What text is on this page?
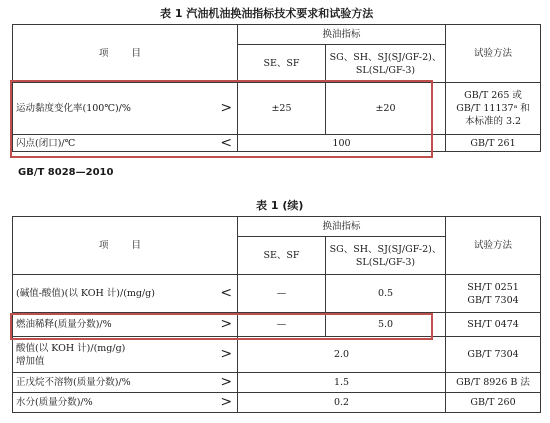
表 1 汽油机油换油指标技术要求和试验方法
项 目		换油指标		试验方法
		SE、SF	SG、SH、SJ(SJ/GF-2)、
SL(SL/GF-3)	
运动黏度变化率(100℃)/%	>	±25	±20	GB/T 265 或
GB/T 11137ᵃ 和
本标准的 3.2
闪点(闭口)/℃	<	100		GB/T 261
GB/T 8028—2010
表 1 (续)
项 目		换油指标		试验方法
		SE、SF	SG、SH、SJ(SJ/GF-2)、
SL(SL/GF-3)	
(碱值-酸值)(以 KOH 计)/(mg/g)	<	—	0.5	SH/T 0251
GB/T 7304
燃油稀释(质量分数)/%	>	—	5.0	SH/T 0474
酸值(以 KOH 计)/(mg/g)
增加值	>	2.0		GB/T 7304
正戊烷不溶物(质量分数)/%	>	1.5		GB/T 8926 B 法
水分(质量分数)/%	>	0.2		GB/T 260
